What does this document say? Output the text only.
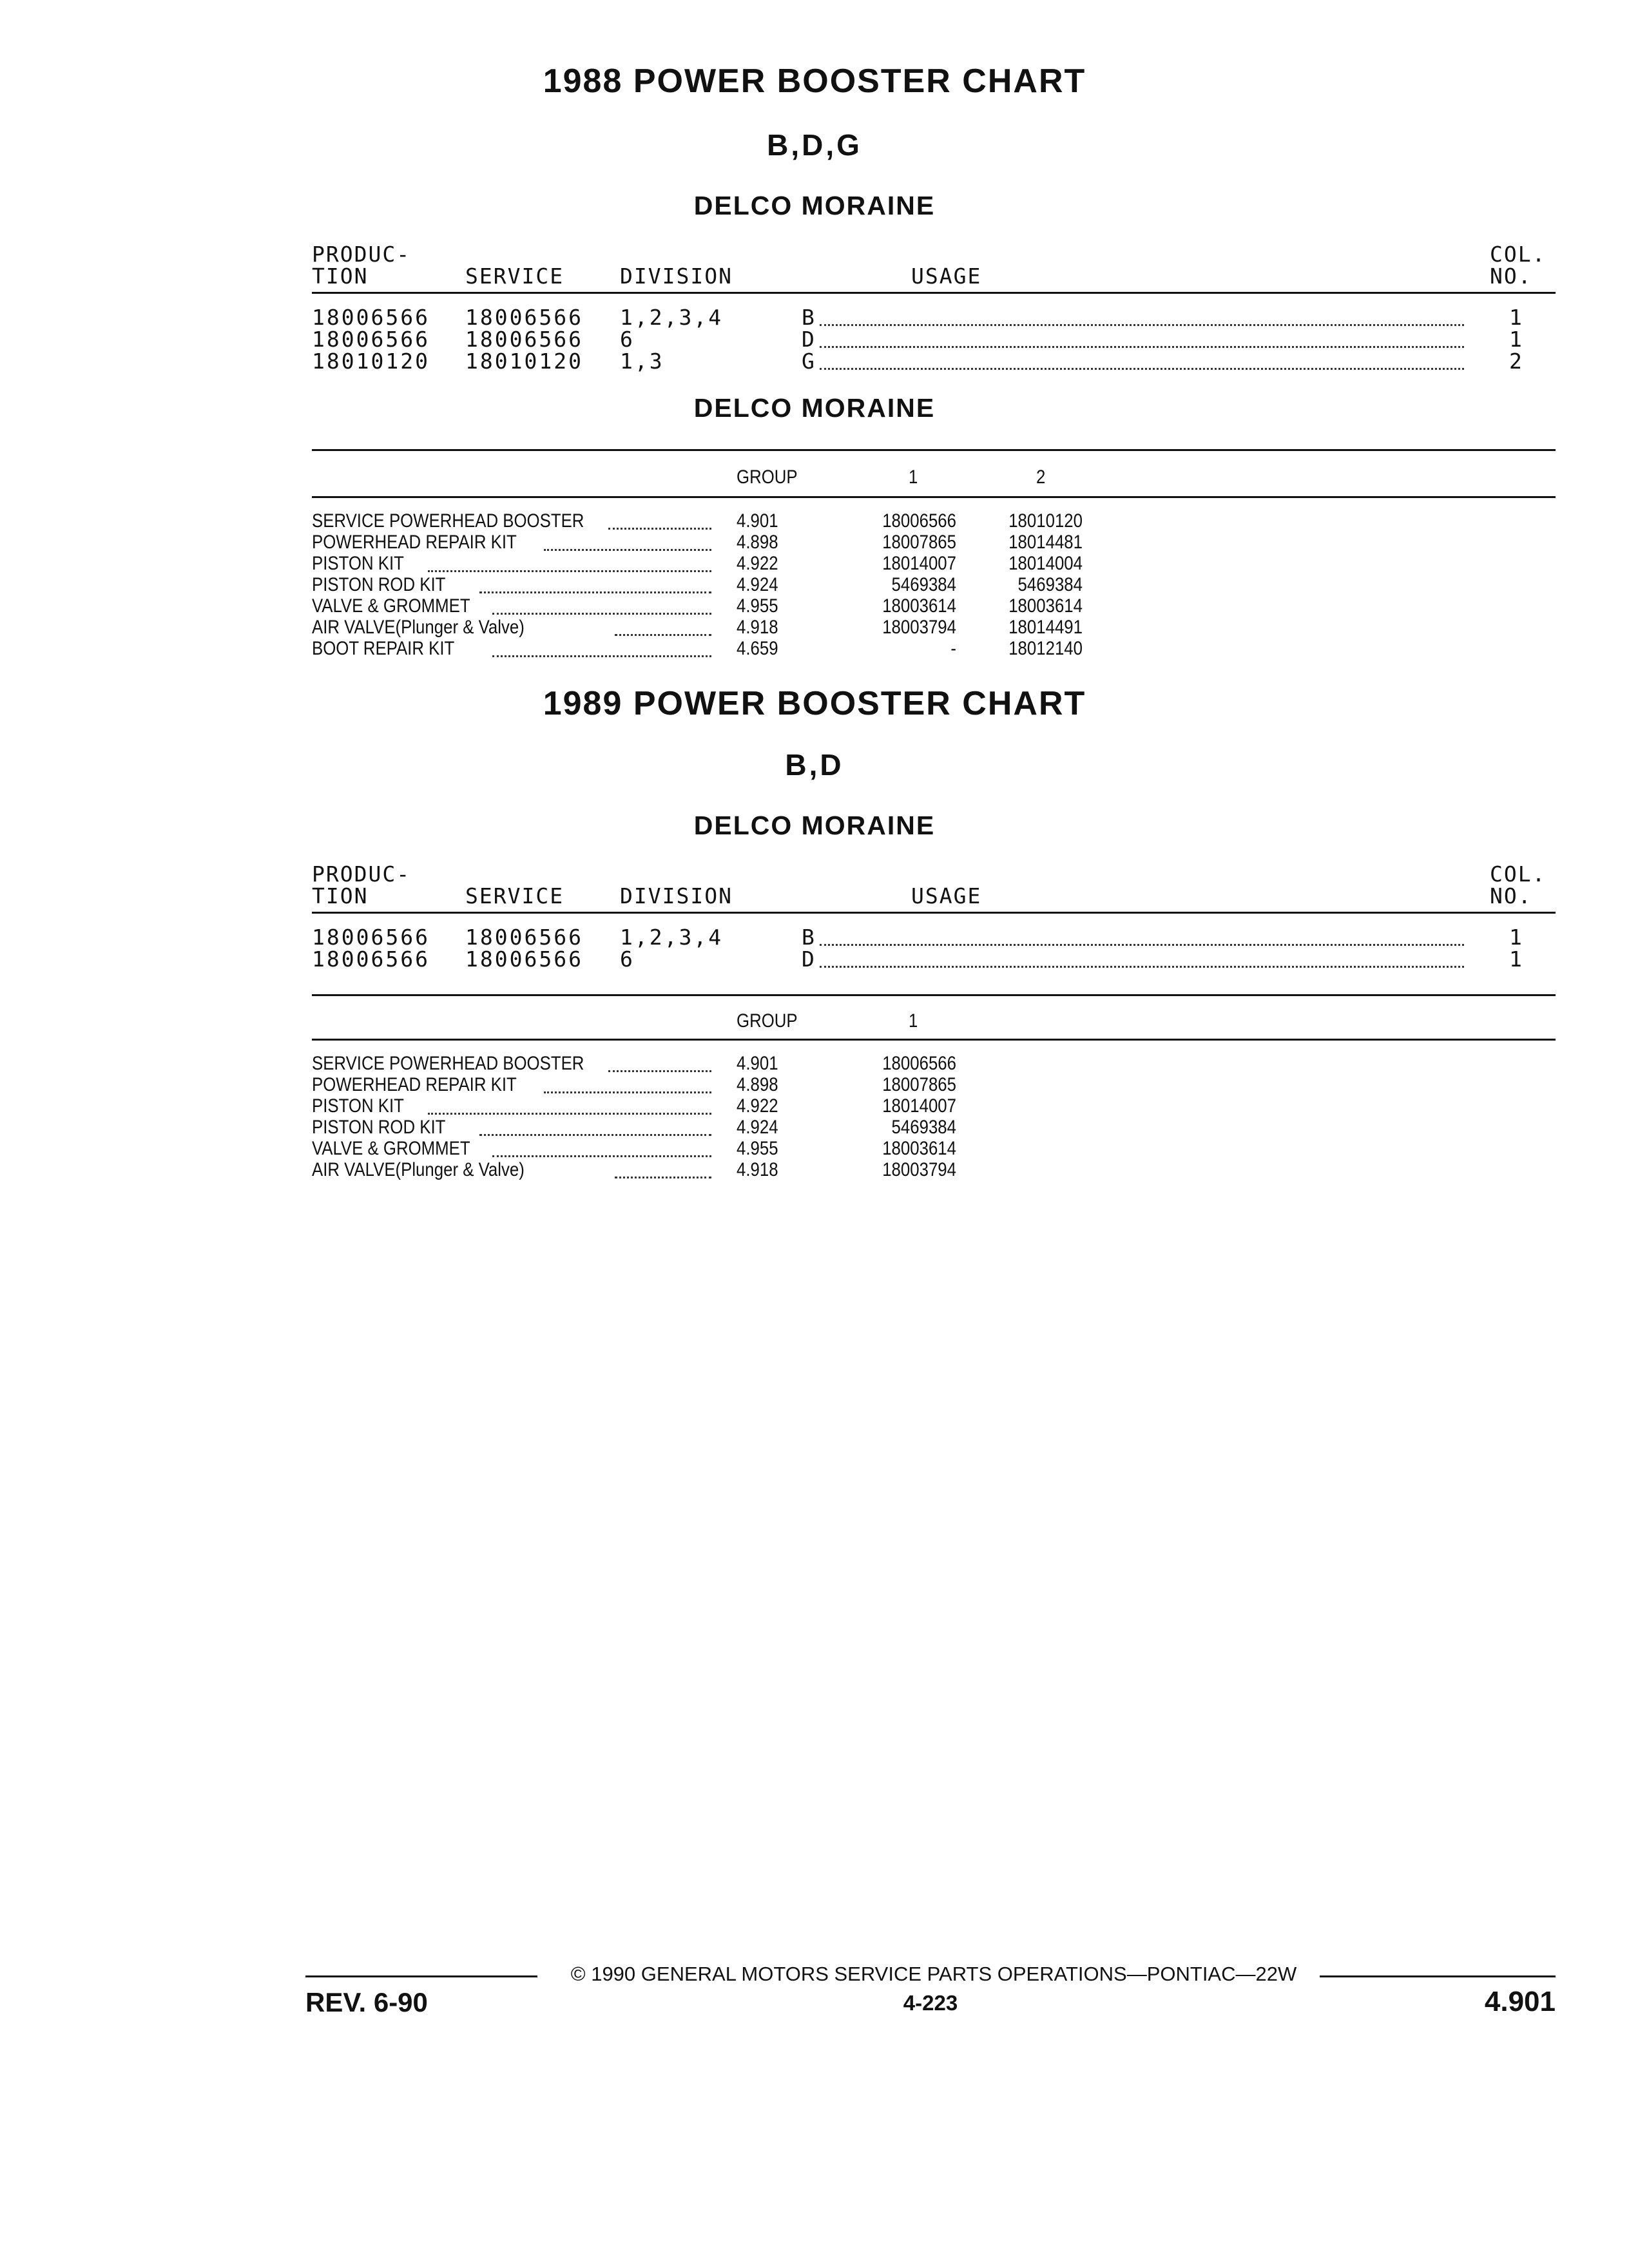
1988 POWER BOOSTER CHART
B,D,G
DELCO MORAINE
PRODUC-
TION	SERVICE	DIVISION	USAGE
COL.
NO.
18006566 18006566 1,2,3,4	B	1
18006566 18006566 6	D	1
18010120 18010120 1,3	G	2
DELCO MORAINE
GROUP	1	2
SERVICE POWERHEAD BOOSTER	4.901	18006566	18010120
POWERHEAD REPAIR KIT	4.898	18007865	18014481
PISTON KIT	4.922	18014007	18014004
PISTON ROD KIT	4.924	5469384	5469384
VALVE & GROMMET	4.955	18003614	18003614
AIR VALVE(Plunger & Valve)	4.918	18003794	18014491
BOOT REPAIR KIT	4.659	-	18012140
1989 POWER BOOSTER CHART
B,D
DELCO MORAINE
PRODUC-
TION	SERVICE	DIVISION	USAGE
COL.
NO.
18006566 18006566 1,2,3,4	B	1
18006566 18006566 6	D	1
GROUP	1
SERVICE POWERHEAD BOOSTER	4.901	18006566
POWERHEAD REPAIR KIT	4.898	18007865
PISTON KIT	4.922	18014007
PISTON ROD KIT	4.924	5469384
VALVE & GROMMET	4.955	18003614
AIR VALVE(Plunger & Valve)	4.918	18003794
© 1990 GENERAL MOTORS SERVICE PARTS OPERATIONS—PONTIAC—22W
REV. 6-90	4-223	4.901
